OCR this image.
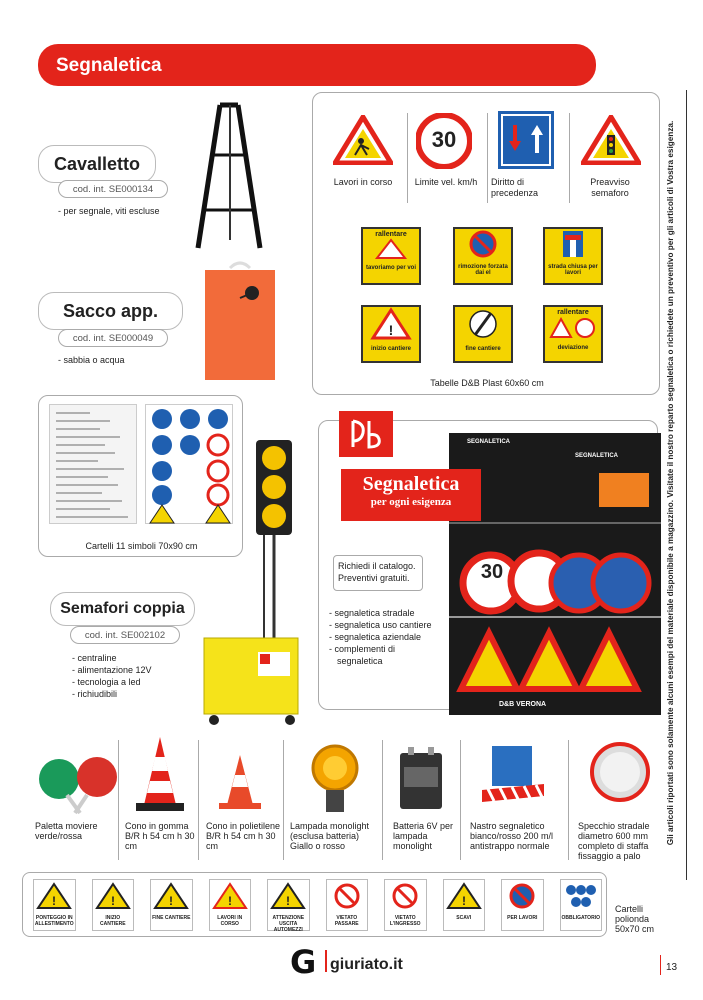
Segnaletica
Gli articoli riportati sono solamente alcuni esempi del materiale disponibile a magazzino. Visitate il nostro reparto segnaletica o richiedete un preventivo per gli articoli di Vostra esigenza.
Cavalletto
cod. int. SE000134
- per segnale, viti escluse
Sacco app.
cod. int. SE000049
- sabbia o acqua
30
Lavori in corso	Limite vel. km/h	Diritto di precedenza
Preavviso semaforo
rallentare
tavoriamo per voi	rimozione forzata dai el
strada chiusa per lavori
!
inizio cantiere	fine cantiere
rallentare
deviazione
Tabelle D&B Plast 60x60 cm
Cartelli 11 simboli 70x90 cm
Semafori coppia
cod. int. SE002102
- centraline
- alimentazione 12V
- tecnologia a led
- richiudibili
SEGNALETICA
SEGNALETICA
30
D&B VERONA
Segnaletica
per ogni esigenza
Richiedi il catalogo.
Preventivi gratuiti.
- segnaletica stradale
- segnaletica uso cantiere
- segnaletica aziendale
- complementi di
segnaletica
Paletta moviere verde/rossa
Cono in gomma B/R h 54 cm h 30 cm
Cono in polietilene B/R h 54 cm h 30 cm
Lampada monolight (esclusa batteria) Giallo o rosso
Batteria 6V per lampada monolight
Nastro segnaletico bianco/rosso 200 m/l antistrappo normale
Specchio stradale diametro 600 mm completo di staffa fissaggio a palo
!
PONTEGGIO IN ALLESTIMENTO
!
INIZIO CANTIERE
!
FINE CANTIERE
!
LAVORI IN CORSO
!
ATTENZIONE USCITA AUTOMEZZI
VIETATO PASSARE
VIETATO L'INGRESSO
!
SCAVI	PER LAVORI	OBBLIGATORIO
Cartelli polionda 50x70 cm
G giuriato.it	13
